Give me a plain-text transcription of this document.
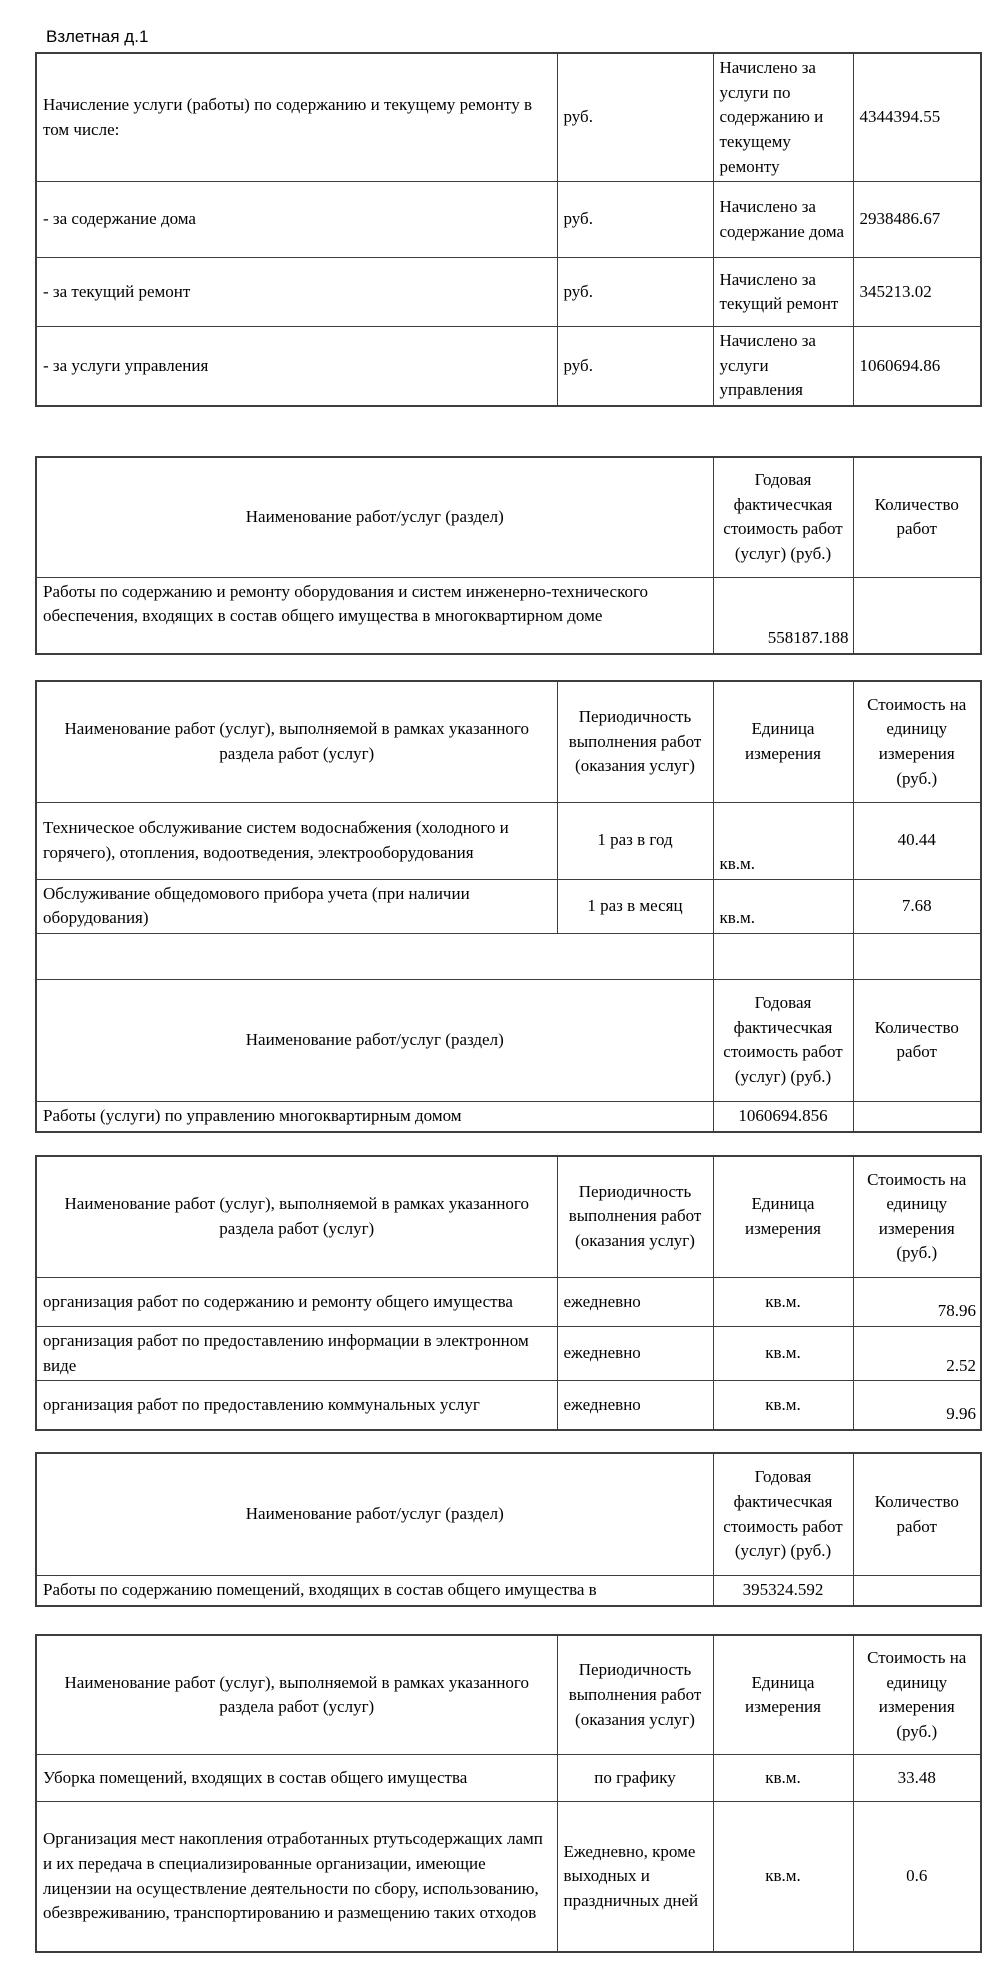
Взлетная д.1
Начисление услуги (работы) по содержанию и текущему ремонту в том числе:	руб.	Начислено за услуги по содержанию и текущему ремонту	4344394.55
- за содержание дома	руб.	Начислено за содержание дома	2938486.67
- за текущий ремонт	руб.	Начислено за текущий ремонт	345213.02
- за услуги управления	руб.	Начислено за услуги управления	1060694.86
Наименование работ/услуг (раздел)	Годовая фактичесчкая стоимость работ (услуг) (руб.)	Количество работ
Работы по содержанию и ремонту оборудования и систем инженерно-технического обеспечения, входящих в состав общего имущества в многоквартирном доме	558187.188	
Наименование работ (услуг), выполняемой в рамках указанного раздела работ (услуг)	Периодичность выполнения работ (оказания услуг)	Единица измерения	Стоимость на единицу измерения (руб.)
Техническое обслуживание систем водоснабжения (холодного и горячего), отопления, водоотведения, электрооборудования	1 раз в год	кв.м.	40.44
Обслуживание общедомового прибора учета (при наличии оборудования)	1 раз в месяц	кв.м.	7.68

Наименование работ/услуг (раздел)		Годовая фактичесчкая стоимость работ (услуг) (руб.)	Количество работ
Работы (услуги) по управлению многоквартирным домом		1060694.856	
Наименование работ (услуг), выполняемой в рамках указанного раздела работ (услуг)	Периодичность выполнения работ (оказания услуг)	Единица измерения	Стоимость на единицу измерения (руб.)
организация работ по содержанию и ремонту общего имущества	ежедневно	кв.м.	78.96
организация работ по предоставлению информации в электронном виде	ежедневно	кв.м.	2.52
организация работ по предоставлению коммунальных услуг	ежедневно	кв.м.	9.96
Наименование работ/услуг (раздел)	Годовая фактичесчкая стоимость работ (услуг) (руб.)	Количество работ
Работы по содержанию помещений, входящих в состав общего имущества в	395324.592	
Наименование работ (услуг), выполняемой в рамках указанного раздела работ (услуг)	Периодичность выполнения работ (оказания услуг)	Единица измерения	Стоимость на единицу измерения (руб.)
Уборка помещений, входящих в состав общего имущества	по графику	кв.м.	33.48
Организация мест накопления отработанных ртутьсодержащих ламп и их передача в специализированные организации, имеющие лицензии на осуществление деятельности по сбору, использованию, обезвреживанию, транспортированию и размещению таких отходов	Ежедневно, кроме выходных и праздничных дней	кв.м.	0.6
